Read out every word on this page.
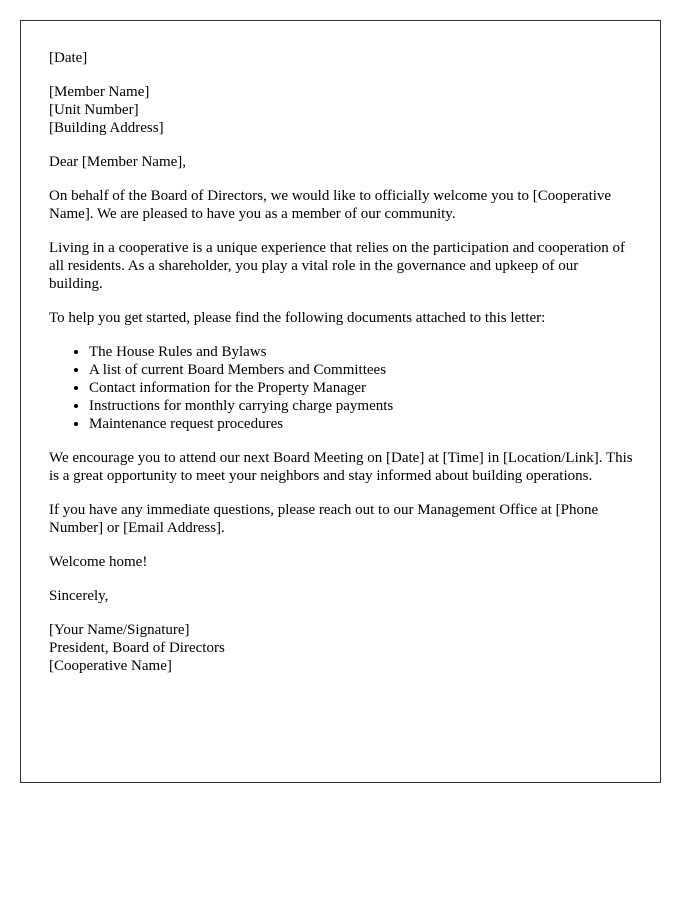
[Date]

[Member Name]
[Unit Number]
[Building Address]

Dear [Member Name],

On behalf of the Board of Directors, we would like to officially welcome you to [Cooperative Name]. We are pleased to have you as a member of our community.

Living in a cooperative is a unique experience that relies on the participation and cooperation of all residents. As a shareholder, you play a vital role in the governance and upkeep of our building.

To help you get started, please find the following documents attached to this letter:

• The House Rules and Bylaws
• A list of current Board Members and Committees
• Contact information for the Property Manager
• Instructions for monthly carrying charge payments
• Maintenance request procedures

We encourage you to attend our next Board Meeting on [Date] at [Time] in [Location/Link]. This is a great opportunity to meet your neighbors and stay informed about building operations.

If you have any immediate questions, please reach out to our Management Office at [Phone Number] or [Email Address].

Welcome home!

Sincerely,

[Your Name/Signature]
President, Board of Directors
[Cooperative Name]
